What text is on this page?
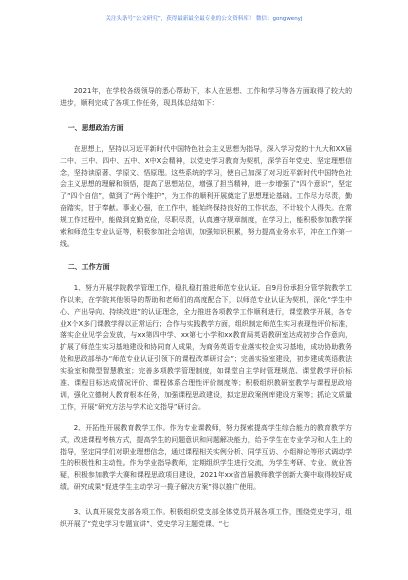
关注头条号“公文研究”，获得最新最全最专业的公文资料库！ 微信：gongwenyj

2021年，在学校各级领导的悉心帮助下，本人在思想、工作和学习等各方面取得了较大的进步，顺利完成了各项工作任务，现具体总结如下：

一、思想政治方面

在思想上，坚持以习近平新时代中国特色社会主义思想为指导，深入学习党的十九大和XX届二中、三中、四中、五中、X中X会精神，以党史学习教育为契机，深学百年党史、坚定理想信念，坚持读原著、学原文、悟原理。这些系统的学习，使自己加深了对习近平新时代中国特色社会主义思想的理解和领悟，提高了思想站位，增强了担当精神，进一步增强了“四个意识”，坚定了“四个自信”，做到了“两个维护”，为工作的顺利开展奠定了思想理论基础。工作尽力尽责，勤奋踏实，甘于奉献。事业心强，在工作中，能始终保持良好的工作状态，不计较个人得失。在常规工作过程中，能做到克勤克俭，尽职尽责，认真遵守规章制度，在学习上，能积极参加教学探索和师范生专业认证等，积极参加社会培训，加强知识积累，努力提高业务水平，冲在工作第一线。

二、工作方面

1、努力开展学院教学管理工作，稳扎稳打推进师范专业认证。自9月份承担分管学院教学工作以来，在学院其他领导的帮助和老师们的高度配合下，以师范专业认证为契机，深化“学生中心、产出导向、持续改进”的认证理念，全力推进各项教学工作顺利进行，课堂教学开展，各专业X个X多门课教学得以正常运行；合作与实践教学方面，组织制定师范生实习表现性评价标准，落实企业见学会发放，与xx第四中学、xx第七小学和xx教育局英语教研室达成初步合作意向，扩展了师范生实习基地建设和协同育人成果，为商务英语专业落实校企实习基地，成功协助教务处和思政部举办“师范专业认证引领下的课程改革研讨会”；完善实验室建设，初步建成英语教法实验室和微型智慧教室；完善多项教学管理制度，如课堂自主学时管理规范、课堂教学评价标准、课程目标达成情况评价、课程体系合理性评价制度等；积极组织教研室教学与课程思政培训，强化立德树人教育根本任务，加强课程思政建设，拟定思政案例库建设方案等；抓论文质量工作，开展“研究方法与学术论文指导”研讨会。

2、开拓性开展教育教学工作。作为专业课教师，努力探索提高学生综合能力的教育教学方式，改进课程考核方式，提高学生的问题意识和问题解决能力，给予学生在专业学习和人生上的指导，坚定同学们对职业理想信念，通过课程相关实例分析、同学互访、小组辩论等形式调动学生的积极性和主动性。作为学业指导教师，定期组织学生进行交流，为学生考研、专业、就业答疑，积极参加教学大赛和课程思政项目建设，2021年xx省首届教师教学创新大赛中取得较好成绩。研究成果“促进学生主动学习一揽子解决方案”得以推广使用。

3、认真开展党支部各项工作。积极组织党支部全体党员开展各项工作，围绕党史学习，组织开展了“党史学习专题宣讲”、党史学习主题党课、“七
